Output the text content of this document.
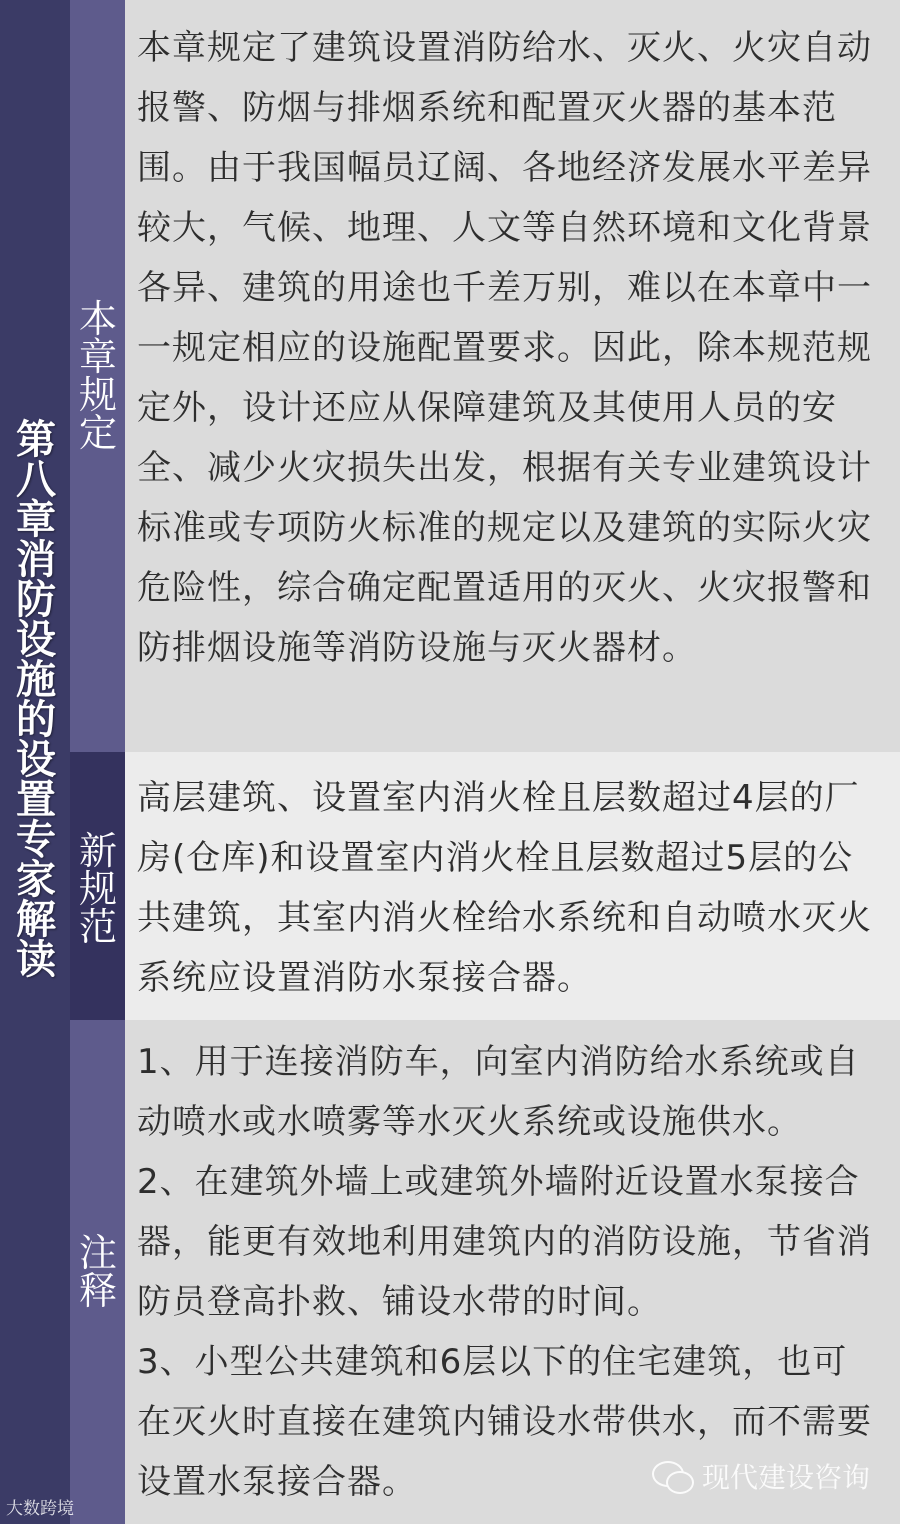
第八章 消防设施的设置专家解读
本章规定
本章规定了建筑设置消防给水、灭火、火灾自动报警、防烟与排烟系统和配置灭火器的基本范围。由于我国幅员辽阔、各地经济发展水平差异较大，气候、地理、人文等自然环境和文化背景各异、建筑的用途也千差万别，难以在本章中一一规定相应的设施配置要求。因此，除本规范规定外，设计还应从保障建筑及其使用人员的安全、减少火灾损失出发，根据有关专业建筑设计标准或专项防火标准的规定以及建筑的实际火灾危险性，综合确定配置适用的灭火、火灾报警和防排烟设施等消防设施与灭火器材。
新规范
高层建筑、设置室内消火栓且层数超过4层的厂房(仓库)和设置室内消火栓且层数超过5层的公共建筑，其室内消火栓给水系统和自动喷水灭火系统应设置消防水泵接合器。
注释
1、用于连接消防车，向室内消防给水系统或自动喷水或水喷雾等水灭火系统或设施供水。
2、在建筑外墙上或建筑外墙附近设置水泵接合器，能更有效地利用建筑内的消防设施，节省消防员登高扑救、铺设水带的时间。
3、小型公共建筑和6层以下的住宅建筑，也可在灭火时直接在建筑内铺设水带供水，而不需要设置水泵接合器。
大数跨境
现代建设咨询
